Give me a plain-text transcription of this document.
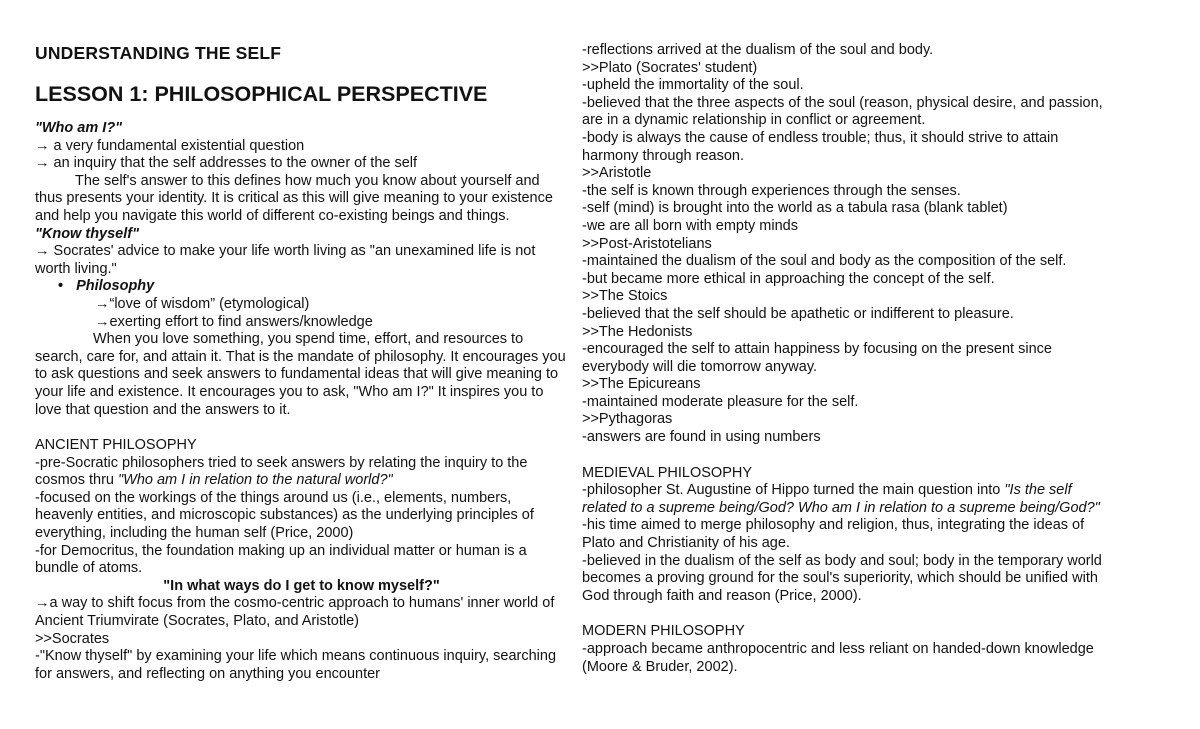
UNDERSTANDING THE SELF
LESSON 1: PHILOSOPHICAL PERSPECTIVE

"Who am I?"

→ a very fundamental existential question

→ an inquiry that the self addresses to the owner of the self

The self's answer to this defines how much you know about yourself and thus presents your identity. It is critical as this will give meaning to your existence and help you navigate this world of different co-existing beings and things.

"Know thyself"

→ Socrates' advice to make your life worth living as "an unexamined life is not worth living."

• Philosophy

→“love of wisdom” (etymological)

→exerting effort to find answers/knowledge

When you love something, you spend time, effort, and resources to search, care for, and attain it. That is the mandate of philosophy. It encourages you to ask questions and seek answers to fundamental ideas that will give meaning to your life and existence. It encourages you to ask, "Who am I?" It inspires you to love that question and the answers to it.

ANCIENT PHILOSOPHY

-pre-Socratic philosophers tried to seek answers by relating the inquiry to the cosmos thru "Who am I in relation to the natural world?"

-focused on the workings of the things around us (i.e., elements, numbers, heavenly entities, and microscopic substances) as the underlying principles of everything, including the human self (Price, 2000)

-for Democritus, the foundation making up an individual matter or human is a bundle of atoms.

"In what ways do I get to know myself?"

→a way to shift focus from the cosmo-centric approach to humans' inner world of Ancient Triumvirate (Socrates, Plato, and Aristotle)

>>Socrates

-"Know thyself" by examining your life which means continuous inquiry, searching for answers, and reflecting on anything you encounter

-reflections arrived at the dualism of the soul and body.

>>Plato (Socrates' student)

-upheld the immortality of the soul.

-believed that the three aspects of the soul (reason, physical desire, and passion, are in a dynamic relationship in conflict or agreement.

-body is always the cause of endless trouble; thus, it should strive to attain harmony through reason.

>>Aristotle

-the self is known through experiences through the senses.

-self (mind) is brought into the world as a tabula rasa (blank tablet)

-we are all born with empty minds

>>Post-Aristotelians

-maintained the dualism of the soul and body as the composition of the self.

-but became more ethical in approaching the concept of the self.

>>The Stoics

-believed that the self should be apathetic or indifferent to pleasure.

>>The Hedonists

-encouraged the self to attain happiness by focusing on the present since everybody will die tomorrow anyway.

>>The Epicureans

-maintained moderate pleasure for the self.

>>Pythagoras

-answers are found in using numbers

MEDIEVAL PHILOSOPHY

-philosopher St. Augustine of Hippo turned the main question into "Is the self related to a supreme being/God? Who am I in relation to a supreme being/God?"

-his time aimed to merge philosophy and religion, thus, integrating the ideas of Plato and Christianity of his age.

-believed in the dualism of the self as body and soul; body in the temporary world becomes a proving ground for the soul's superiority, which should be unified with God through faith and reason (Price, 2000).

MODERN PHILOSOPHY

-approach became anthropocentric and less reliant on handed-down knowledge (Moore & Bruder, 2002).
